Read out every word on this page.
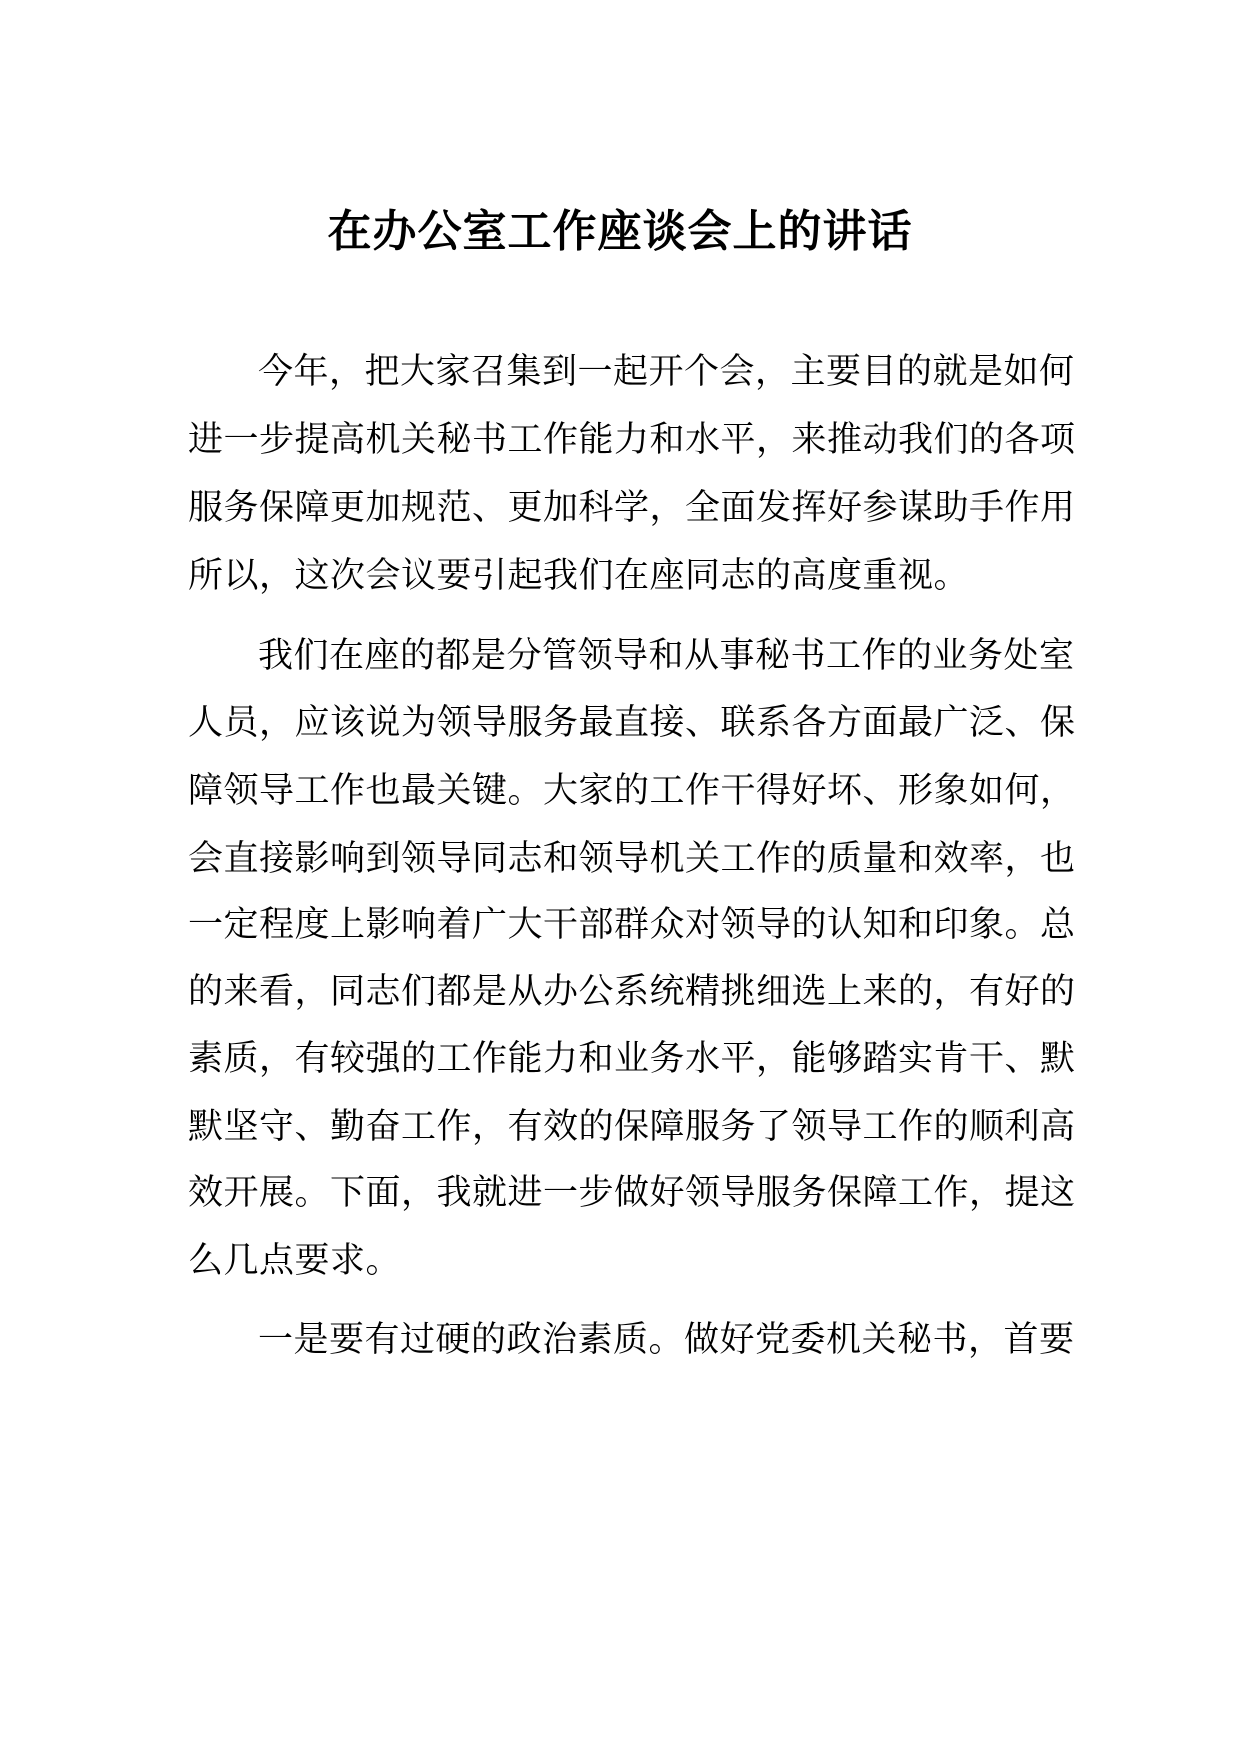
在办公室工作座谈会上的讲话
今年，把大家召集到一起开个会，主要目的就是如何
进一步提高机关秘书工作能力和水平，来推动我们的各项
服务保障更加规范、更加科学，全面发挥好参谋助手作用
所以，这次会议要引起我们在座同志的高度重视。
我们在座的都是分管领导和从事秘书工作的业务处室
人员，应该说为领导服务最直接、联系各方面最广泛、保
障领导工作也最关键。大家的工作干得好坏、形象如何，
会直接影响到领导同志和领导机关工作的质量和效率，也
一定程度上影响着广大干部群众对领导的认知和印象。总
的来看，同志们都是从办公系统精挑细选上来的，有好的
素质，有较强的工作能力和业务水平，能够踏实肯干、默
默坚守、勤奋工作，有效的保障服务了领导工作的顺利高
效开展。下面，我就进一步做好领导服务保障工作，提这
么几点要求。
一是要有过硬的政治素质。做好党委机关秘书，首要
